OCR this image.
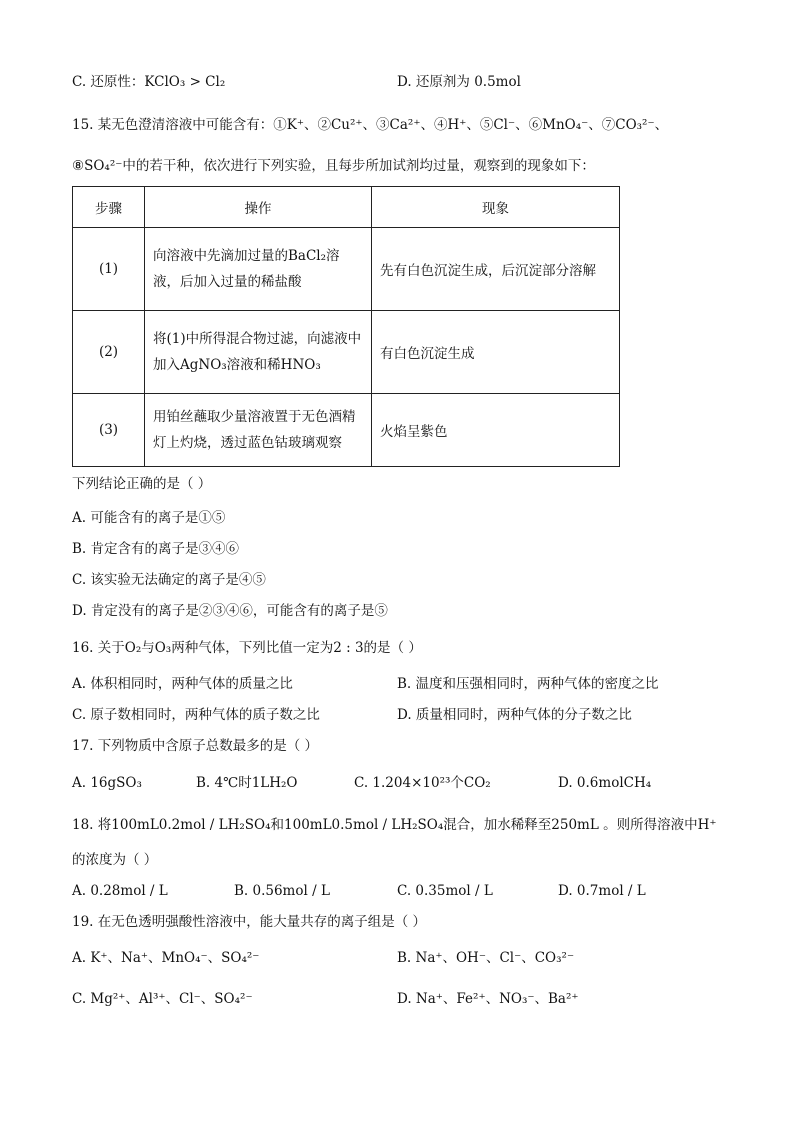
C. 还原性：KClO₃ > Cl₂	D. 还原剂为 0.5mol
15. 某无色澄清溶液中可能含有：①K⁺、②Cu²⁺、③Ca²⁺、④H⁺、⑤Cl⁻、⑥MnO₄⁻、⑦CO₃²⁻、
⑧SO₄²⁻中的若干种，依次进行下列实验，且每步所加试剂均过量，观察到的现象如下：
步骤	操作	现象
(1)	向溶液中先滴加过量的BaCl₂溶液，后加入过量的稀盐酸	先有白色沉淀生成，后沉淀部分溶解
(2)	将(1)中所得混合物过滤，向滤液中加入AgNO₃溶液和稀HNO₃	有白色沉淀生成
(3)	用铂丝蘸取少量溶液置于无色酒精灯上灼烧，透过蓝色钴玻璃观察	火焰呈紫色
下列结论正确的是（ ）
A. 可能含有的离子是①⑤
B. 肯定含有的离子是③④⑥
C. 该实验无法确定的离子是④⑤
D. 肯定没有的离子是②③④⑥，可能含有的离子是⑤
16. 关于O₂与O₃两种气体，下列比值一定为2 : 3的是（ ）
A. 体积相同时，两种气体的质量之比	B. 温度和压强相同时，两种气体的密度之比
C. 原子数相同时，两种气体的质子数之比	D. 质量相同时，两种气体的分子数之比
17. 下列物质中含原子总数最多的是（ ）
A. 16gSO₃	B. 4℃时1LH₂O	C. 1.204×10²³个CO₂	D. 0.6molCH₄
18. 将100mL0.2mol / LH₂SO₄和100mL0.5mol / LH₂SO₄混合，加水稀释至250mL 。则所得溶液中H⁺
的浓度为（ ）
A. 0.28mol / L	B. 0.56mol / L	C. 0.35mol / L	D. 0.7mol / L
19. 在无色透明强酸性溶液中，能大量共存的离子组是（ ）
A. K⁺、Na⁺、MnO₄⁻、SO₄²⁻	B. Na⁺、OH⁻、Cl⁻、CO₃²⁻
C. Mg²⁺、Al³⁺、Cl⁻、SO₄²⁻	D. Na⁺、Fe²⁺、NO₃⁻、Ba²⁺
